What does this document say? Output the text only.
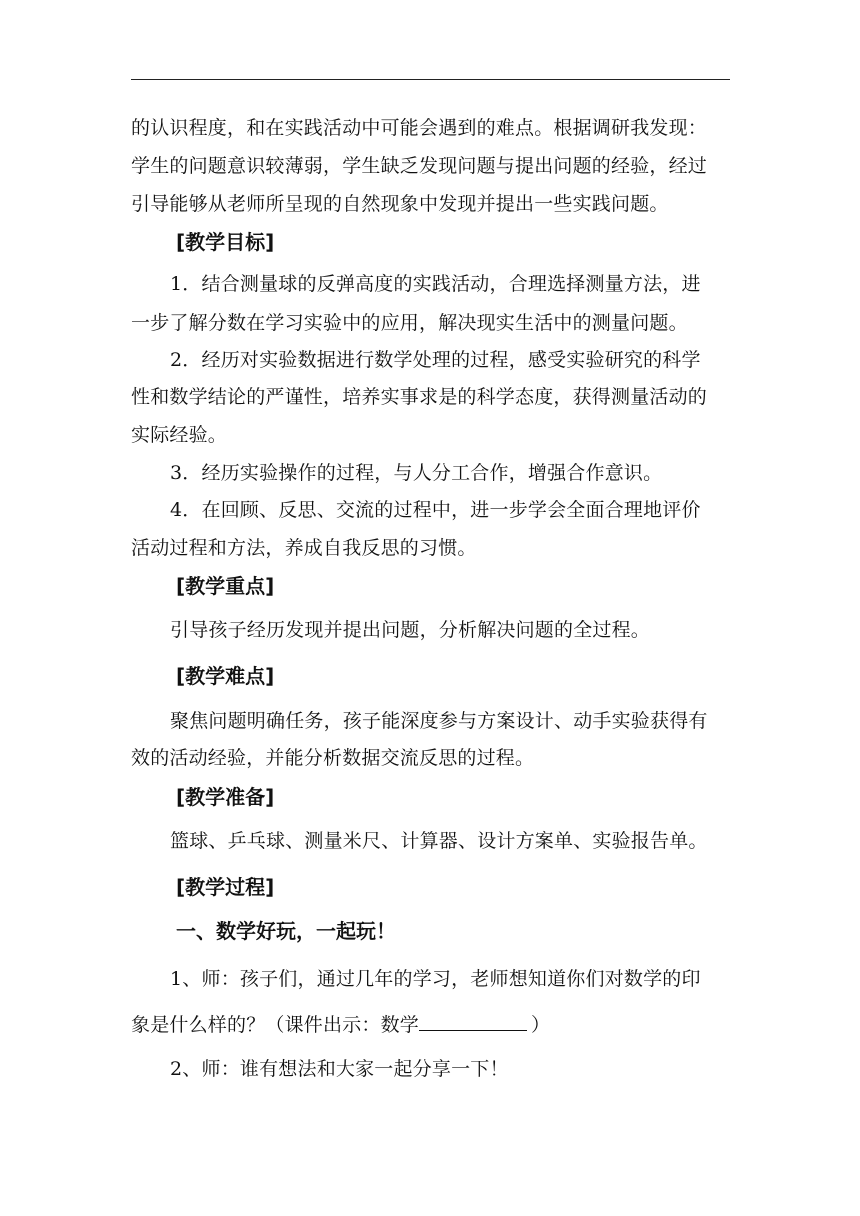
的认识程度，和在实践活动中可能会遇到的难点。根据调研我发现：
学生的问题意识较薄弱，学生缺乏发现问题与提出问题的经验，经过
引导能够从老师所呈现的自然现象中发现并提出一些实践问题。
[教学目标]
1．结合测量球的反弹高度的实践活动，合理选择测量方法，进
一步了解分数在学习实验中的应用，解决现实生活中的测量问题。
2．经历对实验数据进行数学处理的过程，感受实验研究的科学
性和数学结论的严谨性，培养实事求是的科学态度，获得测量活动的
实际经验。
3．经历实验操作的过程，与人分工合作，增强合作意识。
4．在回顾、反思、交流的过程中，进一步学会全面合理地评价
活动过程和方法，养成自我反思的习惯。
[教学重点]
引导孩子经历发现并提出问题，分析解决问题的全过程。
[教学难点]
聚焦问题明确任务，孩子能深度参与方案设计、动手实验获得有
效的活动经验，并能分析数据交流反思的过程。
[教学准备]
篮球、乒乓球、测量米尺、计算器、设计方案单、实验报告单。
[教学过程]
一、数学好玩，一起玩！
1、师：孩子们，通过几年的学习，老师想知道你们对数学的印
象是什么样的？（课件出示：数学	）
2、师：谁有想法和大家一起分享一下！
